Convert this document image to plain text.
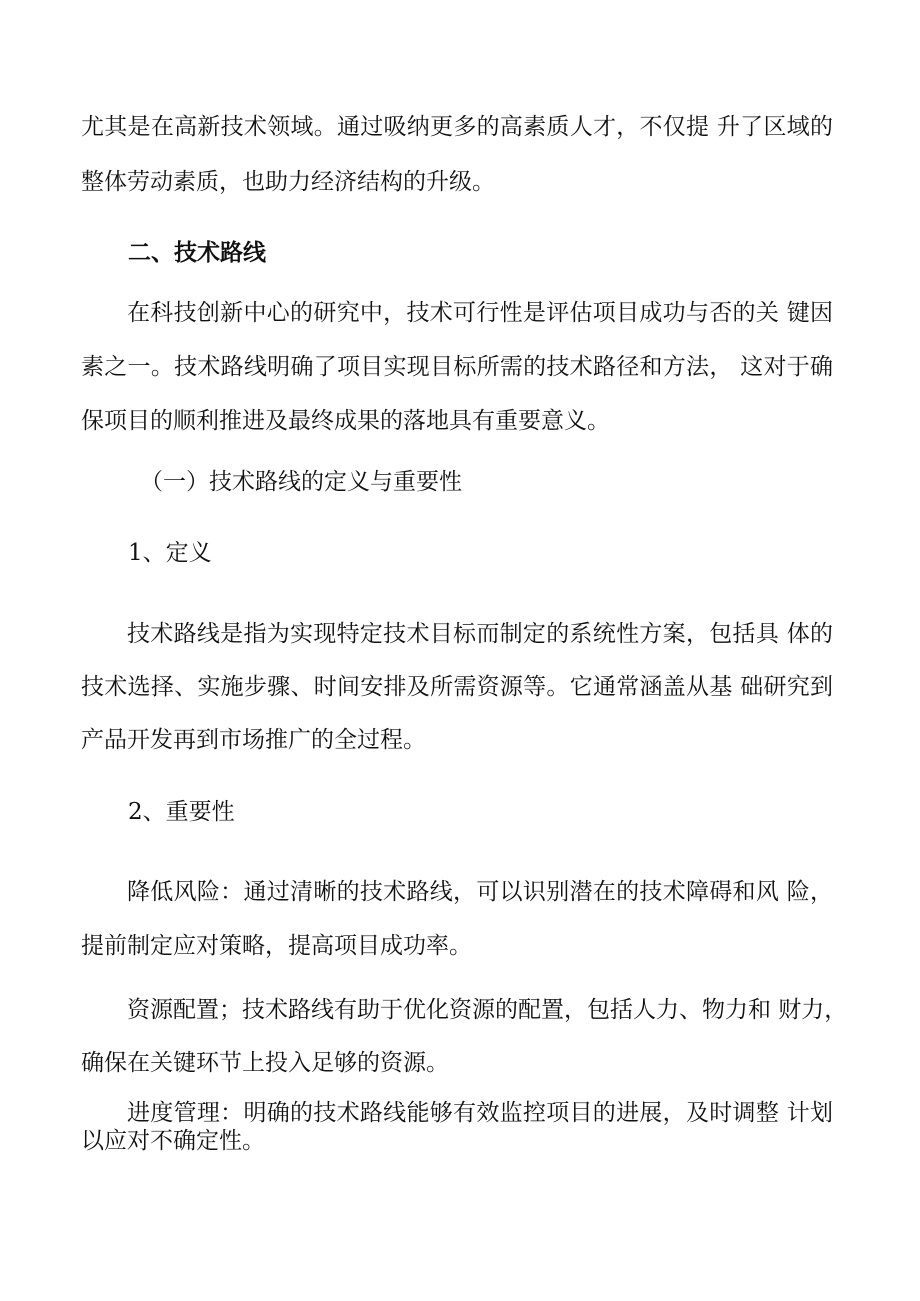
尤其是在高新技术领域。通过吸纳更多的高素质人才，不仅提 升了区域的
整体劳动素质，也助力经济结构的升级。
二、技术路线
在科技创新中心的研究中，技术可行性是评估项目成功与否的关 键因
素之一。技术路线明确了项目实现目标所需的技术路径和方法， 这对于确
保项目的顺利推进及最终成果的落地具有重要意义。
（一）技术路线的定义与重要性
1、定义
技术路线是指为实现特定技术目标而制定的系统性方案，包括具 体的
技术选择、实施步骤、时间安排及所需资源等。它通常涵盖从基 础研究到
产品开发再到市场推广的全过程。
2、重要性
降低风险：通过清晰的技术路线，可以识别潜在的技术障碍和风 险，
提前制定应对策略，提高项目成功率。
资源配置；技术路线有助于优化资源的配置，包括人力、物力和 财力，
确保在关键环节上投入足够的资源。
进度管理：明确的技术路线能够有效监控项目的进展，及时调整 计划
以应对不确定性。
